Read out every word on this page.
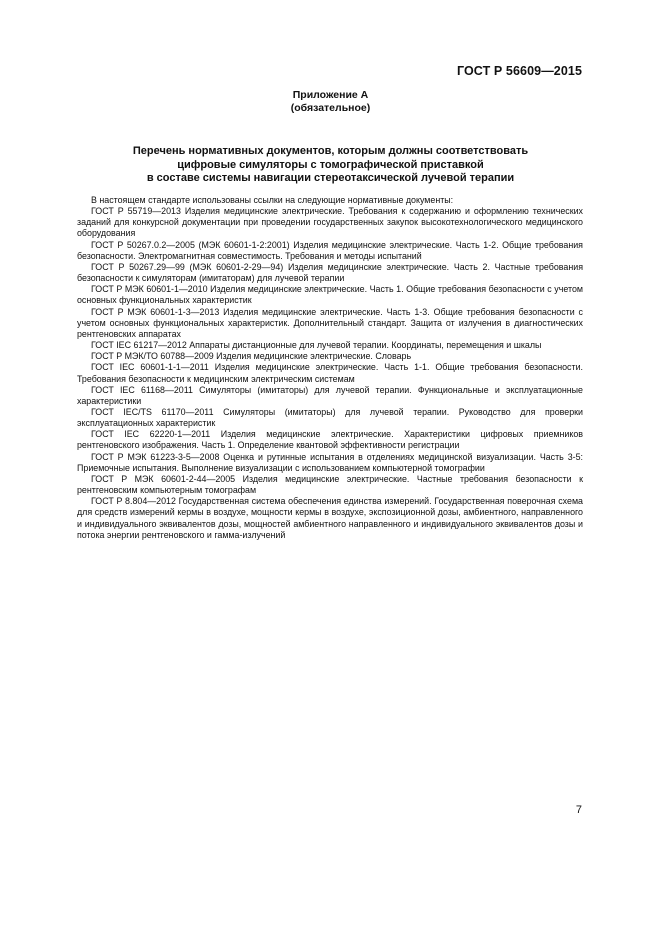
ГОСТ Р 56609—2015
Приложение А
(обязательное)
Перечень нормативных документов, которым должны соответствовать
цифровые симуляторы с томографической приставкой
в составе системы навигации стереотаксической лучевой терапии

В настоящем стандарте использованы ссылки на следующие нормативные документы:

ГОСТ Р 55719—2013 Изделия медицинские электрические. Требования к содержанию и оформлению технических заданий для конкурсной документации при проведении государственных закупок высокотехнологического медицинского оборудования

ГОСТ Р 50267.0.2—2005 (МЭК 60601-1-2:2001) Изделия медицинские электрические. Часть 1-2. Общие требования безопасности. Электромагнитная совместимость. Требования и методы испытаний

ГОСТ Р 50267.29—99 (МЭК 60601-2-29—94) Изделия медицинские электрические. Часть 2. Частные требования безопасности к симуляторам (имитаторам) для лучевой терапии

ГОСТ Р МЭК 60601-1—2010 Изделия медицинские электрические. Часть 1. Общие требования безопасности с учетом основных функциональных характеристик

ГОСТ Р МЭК 60601-1-3—2013 Изделия медицинские электрические. Часть 1-3. Общие требования безопасности с учетом основных функциональных характеристик. Дополнительный стандарт. Защита от излучения в диагностических рентгеновских аппаратах

ГОСТ IEC 61217—2012 Аппараты дистанционные для лучевой терапии. Координаты, перемещения и шкалы

ГОСТ Р МЭК/ТО 60788—2009 Изделия медицинские электрические. Словарь

ГОСТ IEC 60601-1-1—2011 Изделия медицинские электрические. Часть 1-1. Общие требования безопасности. Требования безопасности к медицинским электрическим системам

ГОСТ IEC 61168—2011 Симуляторы (имитаторы) для лучевой терапии. Функциональные и эксплуатационные характеристики

ГОСТ IEC/TS 61170—2011 Симуляторы (имитаторы) для лучевой терапии. Руководство для проверки эксплуатационных характеристик

ГОСТ IEC 62220-1—2011 Изделия медицинские электрические. Характеристики цифровых приемников рентгеновского изображения. Часть 1. Определение квантовой эффективности регистрации

ГОСТ Р МЭК 61223-3-5—2008 Оценка и рутинные испытания в отделениях медицинской визуализации. Часть 3-5: Приемочные испытания. Выполнение визуализации с использованием компьютерной томографии

ГОСТ Р МЭК 60601-2-44—2005 Изделия медицинские электрические. Частные требования безопасности к рентгеновским компьютерным томографам

ГОСТ Р 8.804—2012 Государственная система обеспечения единства измерений. Государственная поверочная схема для средств измерений кермы в воздухе, мощности кермы в воздухе, экспозиционной дозы, амбиентного, направленного и индивидуального эквивалентов дозы, мощностей амбиентного направленного и индивидуального эквивалентов дозы и потока энергии рентгеновского и гамма-излучений

7
